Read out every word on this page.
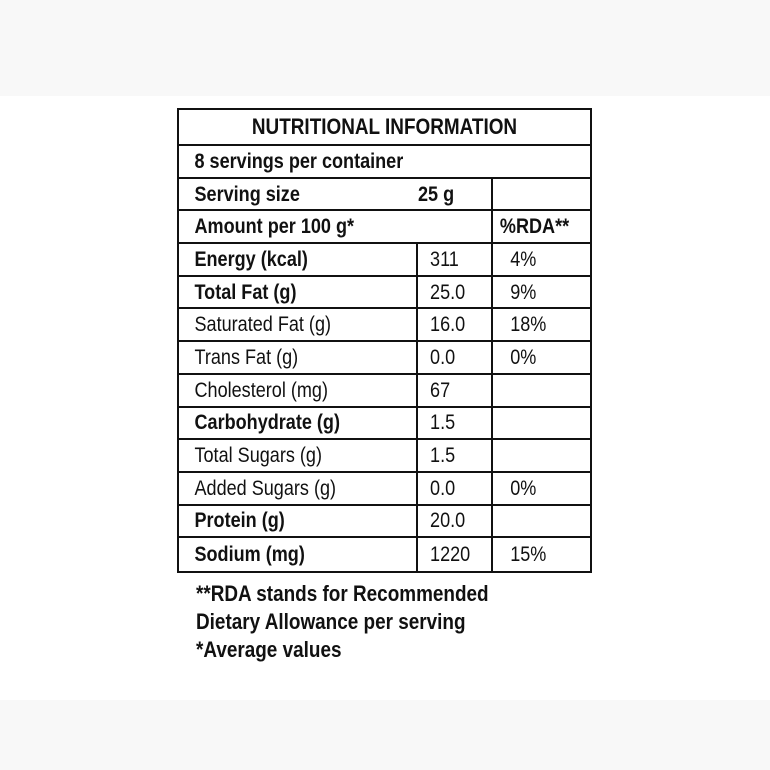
NUTRITIONAL INFORMATION
8 servings per container
Serving size	25 g
Amount per 100 g*	%RDA**
Energy (kcal)	311	4%
Total Fat (g)	25.0	9%
Saturated Fat (g)	16.0	18%
Trans Fat (g)	0.0	0%
Cholesterol (mg)	67
Carbohydrate (g)	1.5
Total Sugars (g)	1.5
Added Sugars (g)	0.0	0%
Protein (g)	20.0
Sodium (mg)	1220	15%
**RDA stands for Recommended
Dietary Allowance per serving
*Average values
